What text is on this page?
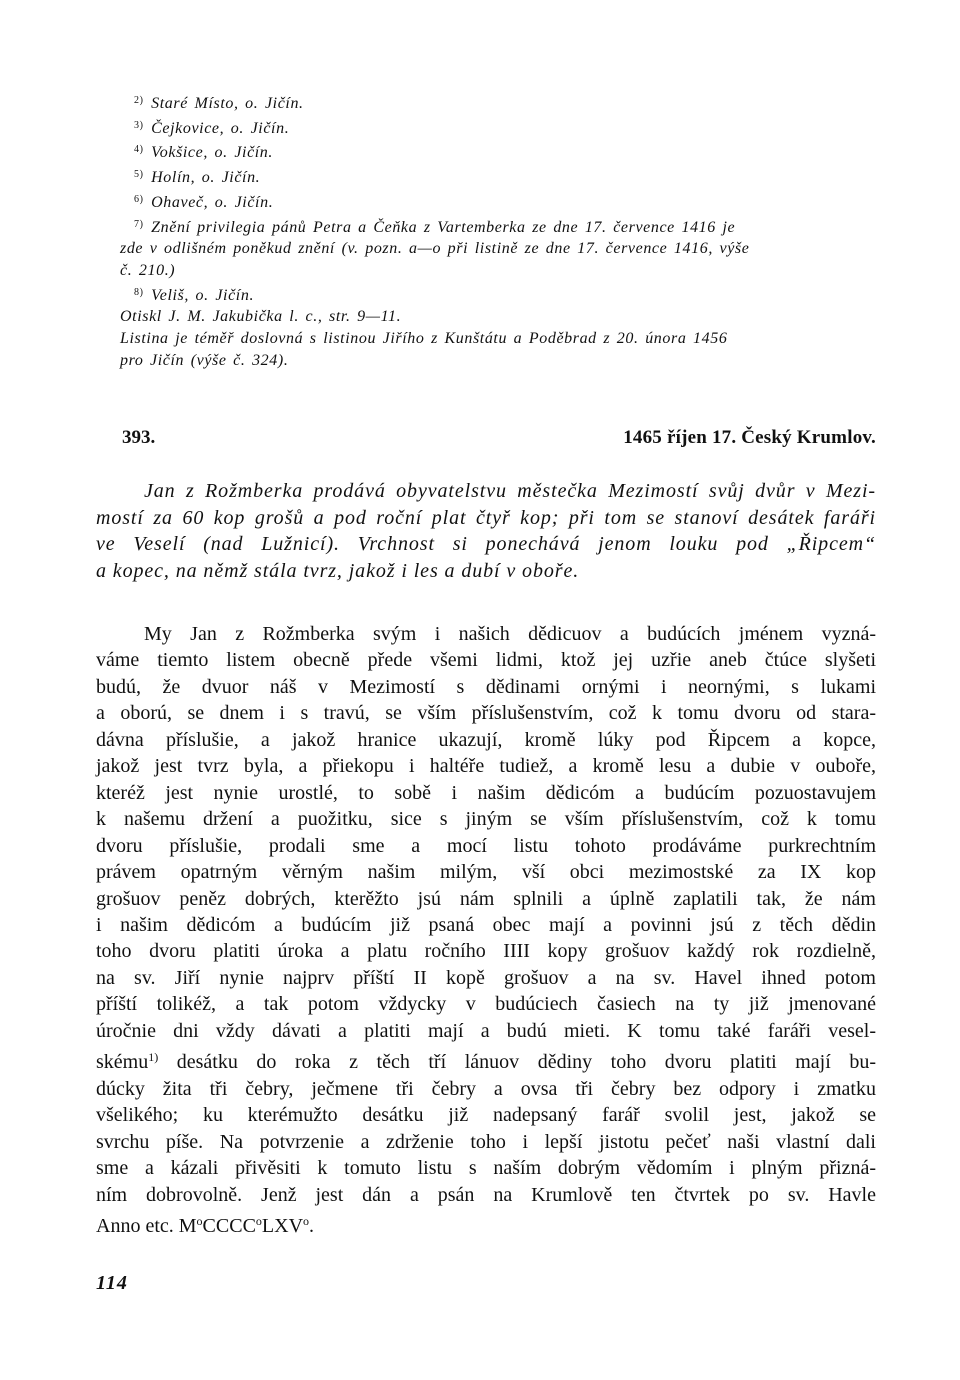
$^{2)}$ Staré Místo, o. Jičín.
$^{3)}$ Čejkovice, o. Jičín.
$^{4)}$ Vokšice, o. Jičín.
$^{5)}$ Holín, o. Jičín.
$^{6)}$ Ohaveč, o. Jičín.
$^{7)}$ Znění privilegia pánů Petra a Čeňka z Vartemberka ze dne 17. července 1416 je
zde v odlišném poněkud znění (v. pozn. a—o při listině ze dne 17. července 1416, výše
č. 210.)
$^{8)}$ Veliš, o. Jičín.
Otiskl J. M. Jakubička l. c., str. 9—11.
Listina je téměř doslovná s listinou Jiřího z Kunštátu a Poděbrad z 20. února 1456
pro Jičín (výše č. 324).
393.	1465 říjen 17. Český Krumlov.
Jan z Rožmberka prodává obyvatelstvu městečka Mezimostí svůj dvůr v Mezi-
mostí za 60 kop grošů a pod roční plat čtyř kop; při tom se stanoví desátek faráři
ve Veselí (nad Lužnicí). Vrchnost si ponechává jenom louku pod „Řipcem“
a kopec, na němž stála tvrz, jakož i les a dubí v oboře.
My Jan z Rožmberka svým i našich dědicuov a budúcích jménem vyzná-
váme tiemto listem obecně přede všemi lidmi, ktož jej uzřie aneb čtúce slyšeti
budú, že dvuor náš v Mezimostí s dědinami ornými i neornými, s lukami
a oború, se dnem i s travú, se vším příslušenstvím, což k tomu dvoru od stara-
dávna příslušie, a jakož hranice ukazují, kromě lúky pod Řipcem a kopce,
jakož jest tvrz byla, a přiekopu i haltéře tudiež, a kromě lesu a dubie v ouboře,
kteréž jest nynie urostlé, to sobě i našim dědicóm a budúcím pozuostavujem
k našemu držení a puožitku, sice s jiným se vším příslušenstvím, což k tomu
dvoru příslušie, prodali sme a mocí listu tohoto prodáváme purkrechtním
právem opatrným věrným našim milým, vší obci mezimostské za IX kop
grošuov peněz dobrých, kterěžto jsú nám splnili a úplně zaplatili tak, že nám
i našim dědicóm a budúcím již psaná obec mají a povinni jsú z těch dědin
toho dvoru platiti úroka a platu ročního IIII kopy grošuov každý rok rozdielně,
na sv. Jiří nynie najprv příští II kopě grošuov a na sv. Havel ihned potom
příští tolikéž, a tak potom vždycky v budúciech časiech na ty již jmenované
úročnie dni vždy dávati a platiti mají a budú mieti. K tomu také faráři vesel-
skému$^{1)}$ desátku do roka z těch tří lánuov dědiny toho dvoru platiti mají bu-
dúcky žita tři čebry, ječmene tři čebry a ovsa tři čebry bez odpory i zmatku
všelikého; ku kterémužto desátku již nadepsaný farář svolil jest, jakož se
svrchu píše. Na potvrzenie a zdrženie toho i lepší jistotu pečeť naši vlastní dali
sme a kázali přivěsiti k tomuto listu s naším dobrým vědomím i plným přizná-
ním dobrovolně. Jenž jest dán a psán na Krumlově ten čtvrtek po sv. Havle
Anno etc. $M^oCCCC^oLXV^o$.
114
